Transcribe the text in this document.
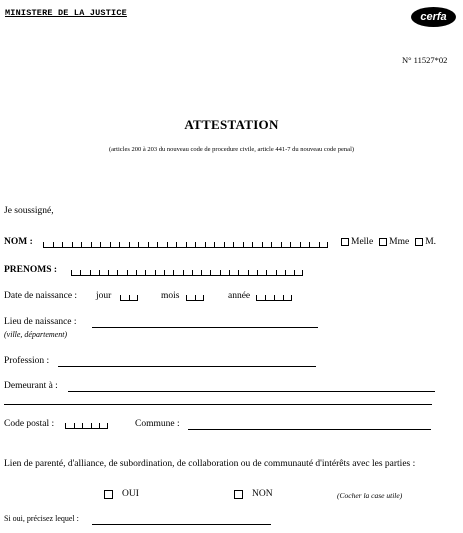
MINISTERE DE LA JUSTICE	cerfa
N° 11527*02
ATTESTATION
(articles 200 à 203 du nouveau code de procedure civile, article 441-7 du nouveau code penal)
Je soussigné,
NOM :	Melle Mme M.
PRENOMS :
Date de naissance : jour	mois	année
Lieu de naissance :
(ville, département)
Profession :
Demeurant à :
Code postal :	Commune :
Lien de parenté, d'alliance, de subordination, de collaboration ou de communauté d'intérêts avec les parties :
OUI	NON	(Cocher la case utile)
Si oui, précisez lequel :
